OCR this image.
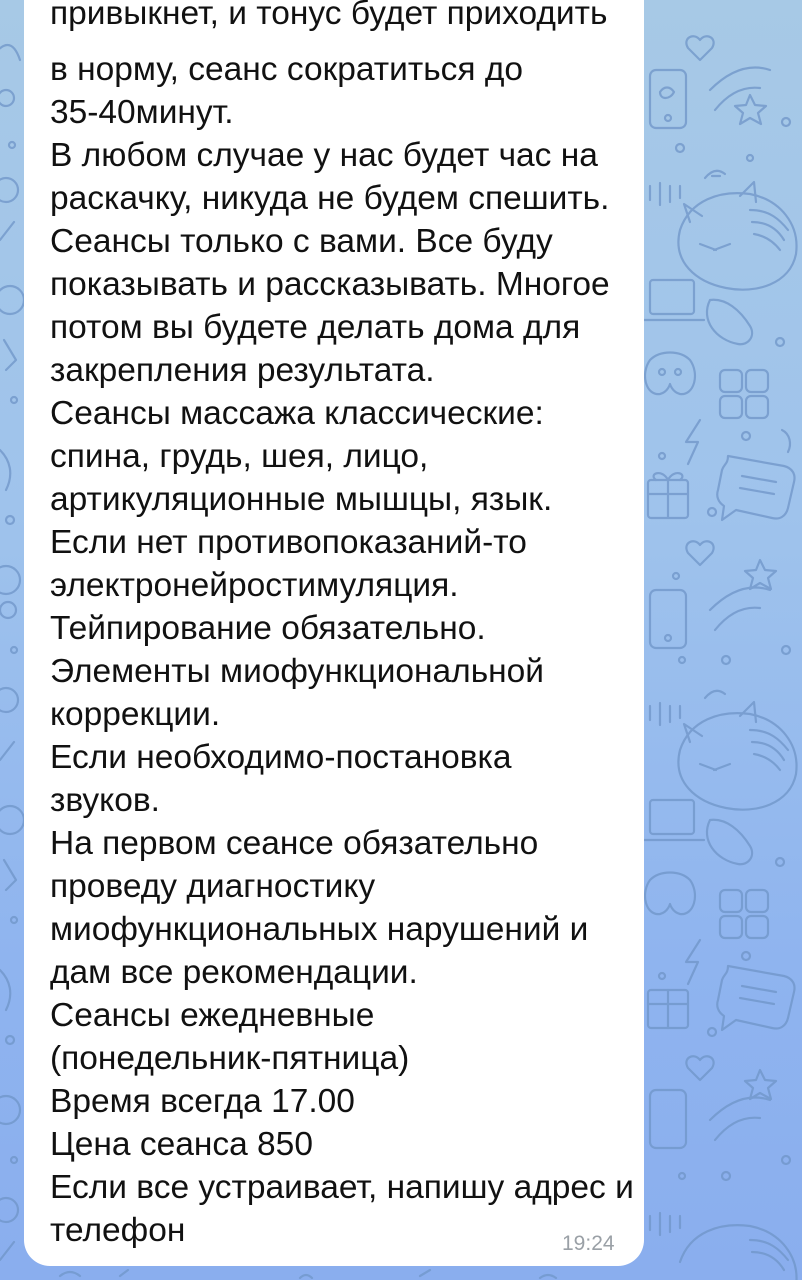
привыкнет, и тонус будет приходить
в норму, сеанс сократиться до
35-40минут.
В любом случае у нас будет час на
раскачку, никуда не будем спешить.
Сеансы только с вами. Все буду
показывать и рассказывать. Многое
потом вы будете делать дома для
закрепления результата.
Сеансы массажа классические:
спина, грудь, шея, лицо,
артикуляционные мышцы, язык.
Если нет противопоказаний-то
электронейростимуляция.
Тейпирование обязательно.
Элементы миофункциональной
коррекции.
Если необходимо-постановка
звуков.
На первом сеансе обязательно
проведу диагностику
миофункциональных нарушений и
дам все рекомендации.
Сеансы ежедневные
(понедельник-пятница)
Время всегда 17.00
Цена сеанса 850
Если все устраивает, напишу адрес и
телефон	19:24
